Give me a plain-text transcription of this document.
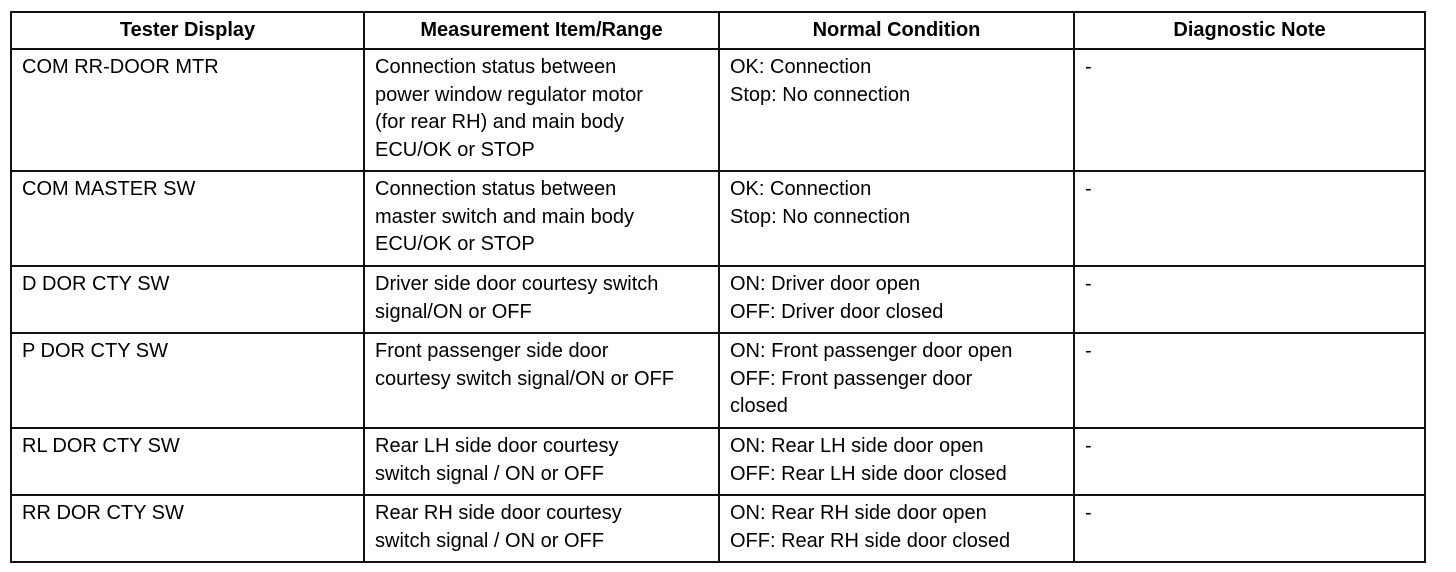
Tester Display	Measurement Item/Range	Normal Condition	Diagnostic Note
COM RR-DOOR MTR	Connection status between
power window regulator motor
(for rear RH) and main body
ECU/OK or STOP	OK: Connection
Stop: No connection	-
COM MASTER SW	Connection status between
master switch and main body
ECU/OK or STOP	OK: Connection
Stop: No connection	-
D DOR CTY SW	Driver side door courtesy switch
signal/ON or OFF	ON: Driver door open
OFF: Driver door closed	-
P DOR CTY SW	Front passenger side door
courtesy switch signal/ON or OFF	ON: Front passenger door open
OFF: Front passenger door
closed	-
RL DOR CTY SW	Rear LH side door courtesy
switch signal / ON or OFF	ON: Rear LH side door open
OFF: Rear LH side door closed	-
RR DOR CTY SW	Rear RH side door courtesy
switch signal / ON or OFF	ON: Rear RH side door open
OFF: Rear RH side door closed	-
